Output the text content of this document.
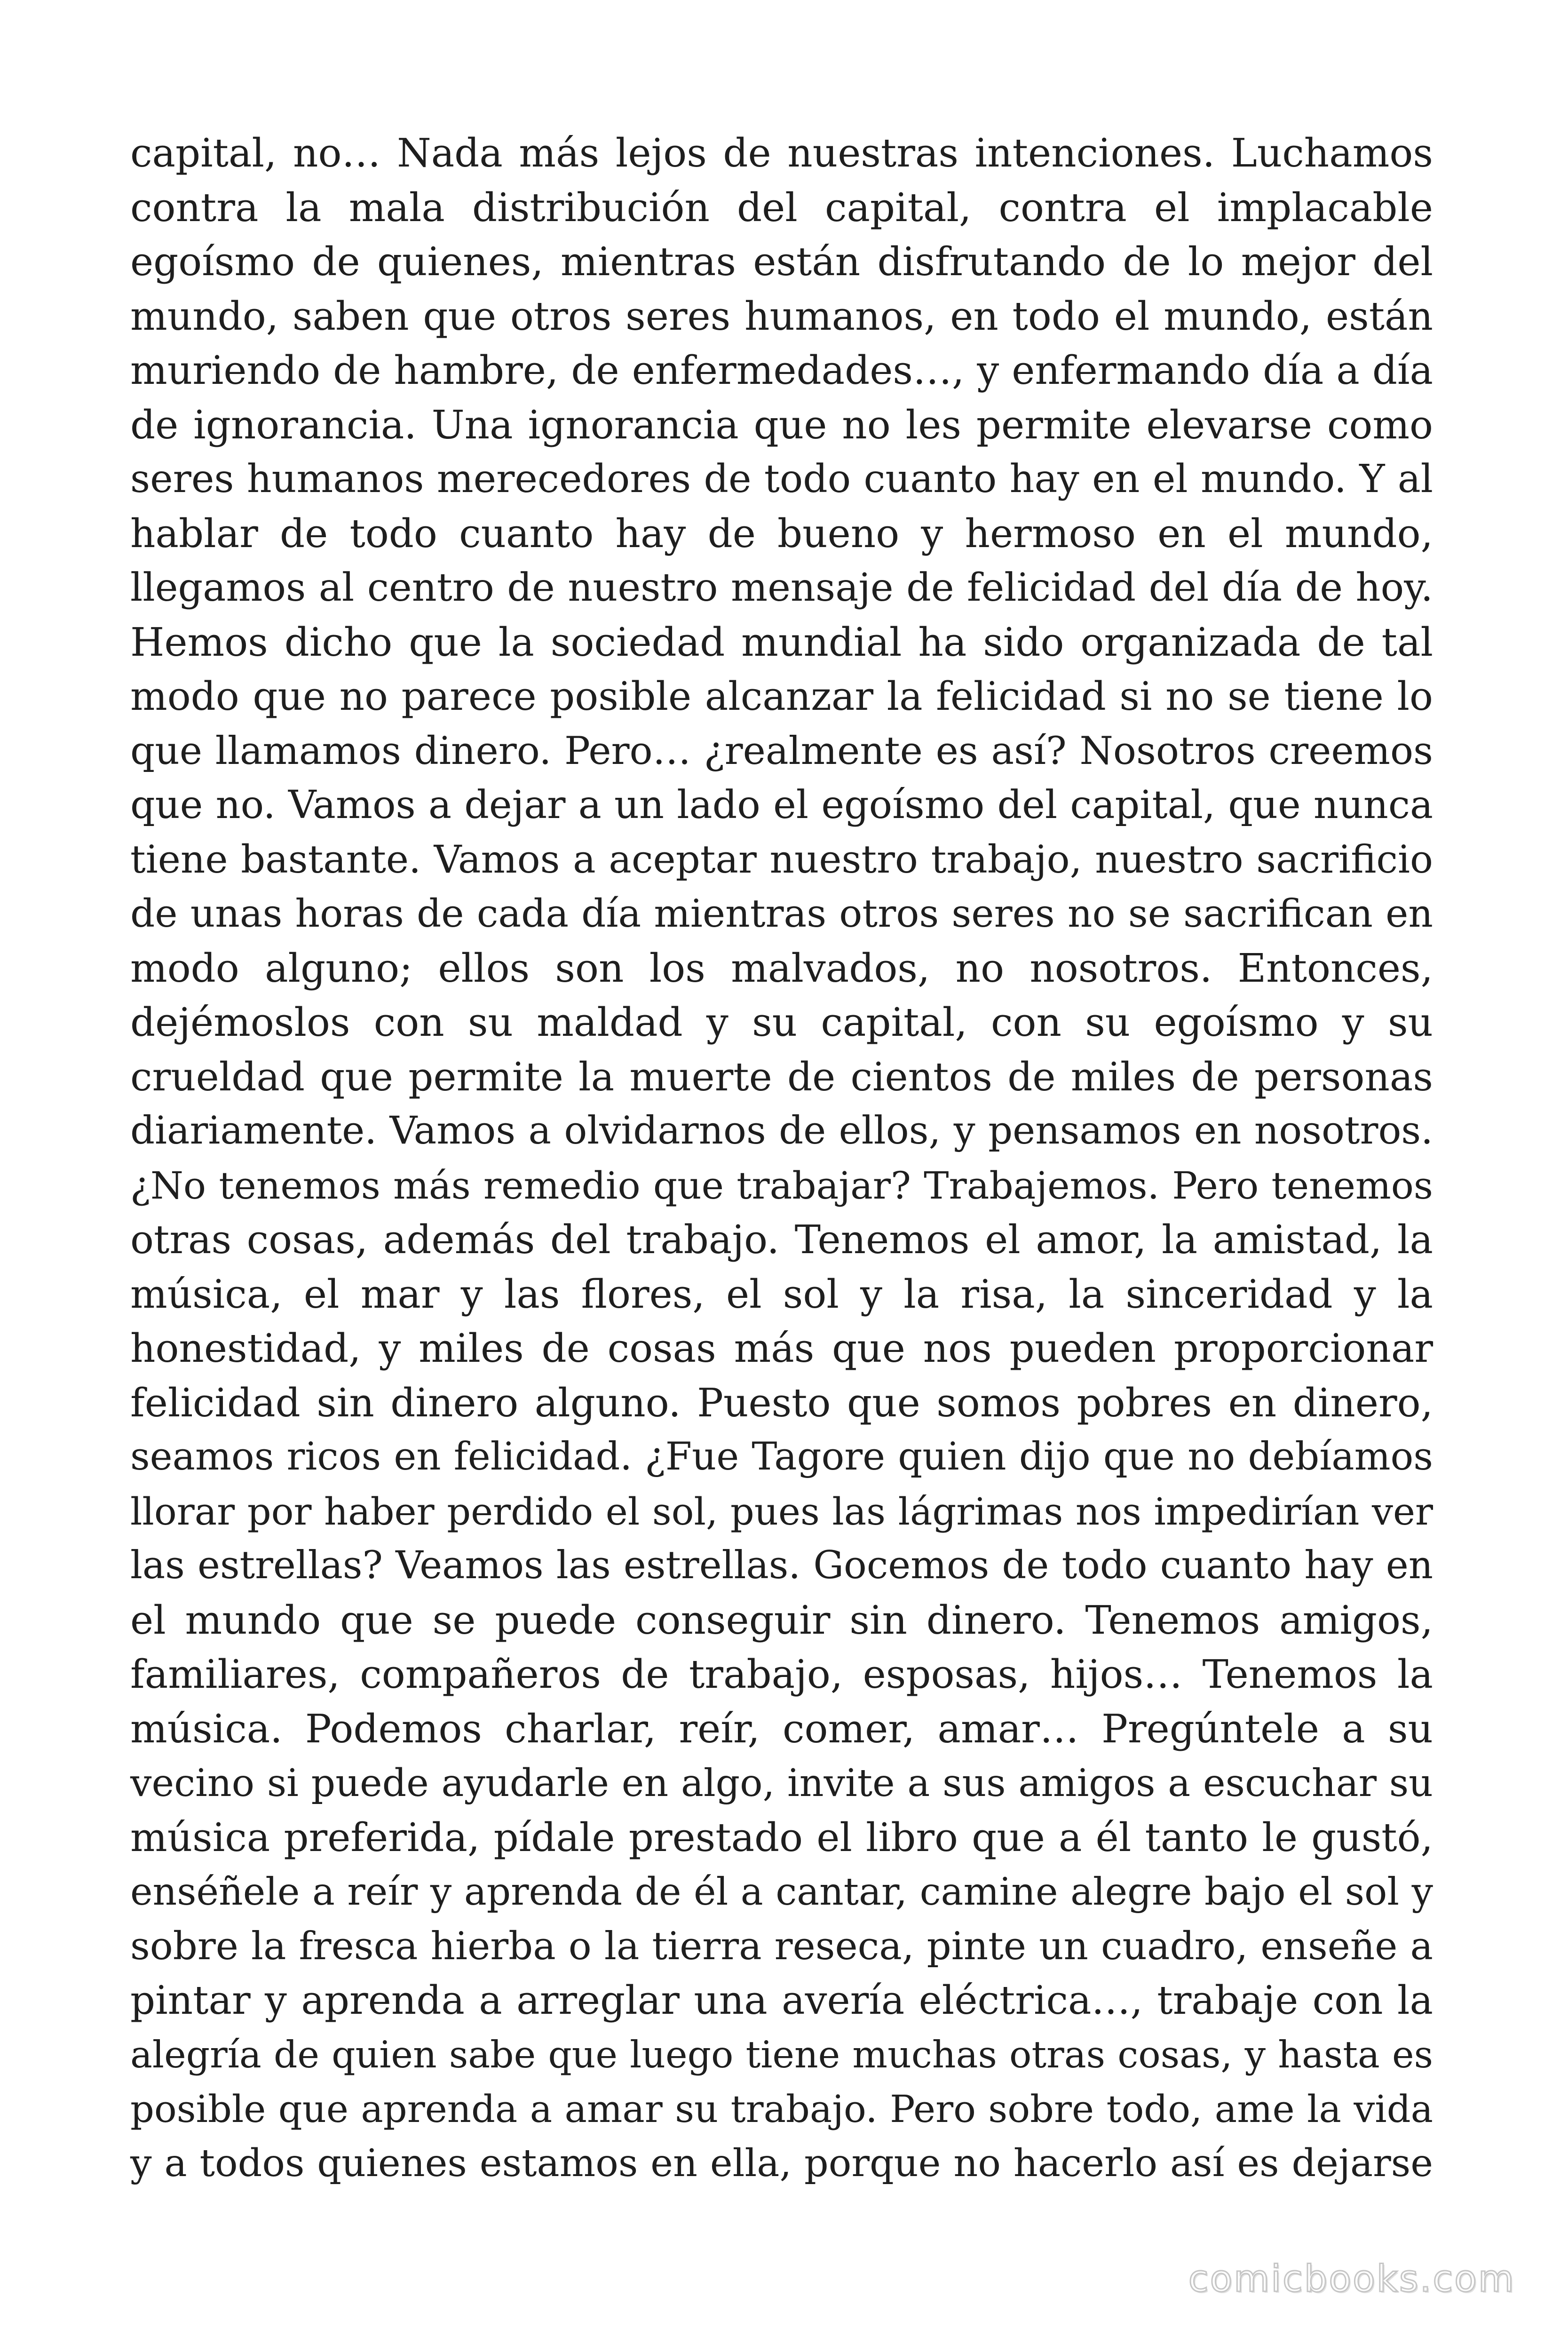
capital, no… Nada más lejos de nuestras intenciones. Luchamos
contra la mala distribución del capital, contra el implacable
egoísmo de quienes, mientras están disfrutando de lo mejor del
mundo, saben que otros seres humanos, en todo el mundo, están
muriendo de hambre, de enfermedades…, y enfermando día a día
de ignorancia. Una ignorancia que no les permite elevarse como
seres humanos merecedores de todo cuanto hay en el mundo. Y al
hablar de todo cuanto hay de bueno y hermoso en el mundo,
llegamos al centro de nuestro mensaje de felicidad del día de hoy.
Hemos dicho que la sociedad mundial ha sido organizada de tal
modo que no parece posible alcanzar la felicidad si no se tiene lo
que llamamos dinero. Pero… ¿realmente es así? Nosotros creemos
que no. Vamos a dejar a un lado el egoísmo del capital, que nunca
tiene bastante. Vamos a aceptar nuestro trabajo, nuestro sacrificio
de unas horas de cada día mientras otros seres no se sacrifican en
modo alguno; ellos son los malvados, no nosotros. Entonces,
dejémoslos con su maldad y su capital, con su egoísmo y su
crueldad que permite la muerte de cientos de miles de personas
diariamente. Vamos a olvidarnos de ellos, y pensamos en nosotros.
¿No tenemos más remedio que trabajar? Trabajemos. Pero tenemos
otras cosas, además del trabajo. Tenemos el amor, la amistad, la
música, el mar y las flores, el sol y la risa, la sinceridad y la
honestidad, y miles de cosas más que nos pueden proporcionar
felicidad sin dinero alguno. Puesto que somos pobres en dinero,
seamos ricos en felicidad. ¿Fue Tagore quien dijo que no debíamos
llorar por haber perdido el sol, pues las lágrimas nos impedirían ver
las estrellas? Veamos las estrellas. Gocemos de todo cuanto hay en
el mundo que se puede conseguir sin dinero. Tenemos amigos,
familiares, compañeros de trabajo, esposas, hijos… Tenemos la
música. Podemos charlar, reír, comer, amar… Pregúntele a su
vecino si puede ayudarle en algo, invite a sus amigos a escuchar su
música preferida, pídale prestado el libro que a él tanto le gustó,
enséñele a reír y aprenda de él a cantar, camine alegre bajo el sol y
sobre la fresca hierba o la tierra reseca, pinte un cuadro, enseñe a
pintar y aprenda a arreglar una avería eléctrica…, trabaje con la
alegría de quien sabe que luego tiene muchas otras cosas, y hasta es
posible que aprenda a amar su trabajo. Pero sobre todo, ame la vida
y a todos quienes estamos en ella, porque no hacerlo así es dejarse
comicbooks.com
